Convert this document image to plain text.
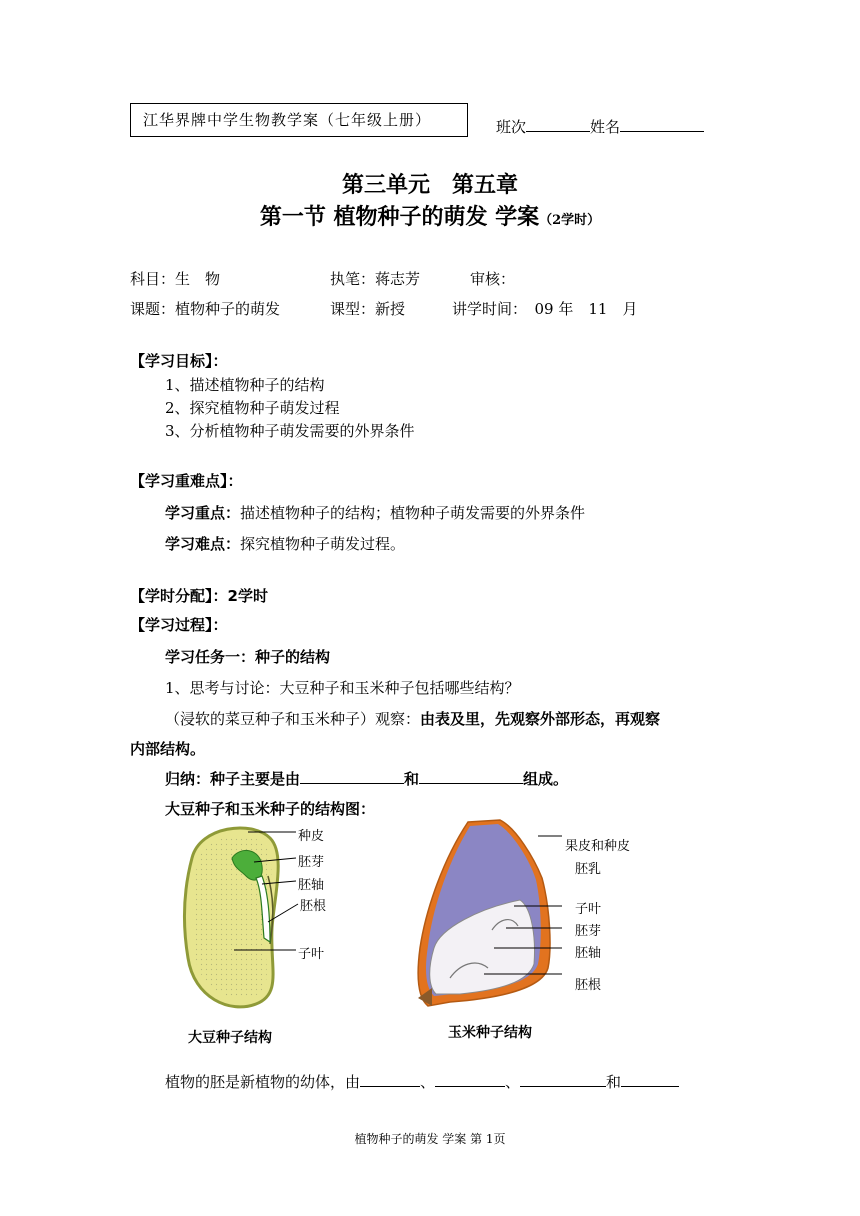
江华界牌中学生物教学案（七年级上册）	班次	姓名
第三单元　第五章
第一节 植物种子的萌发 学案（2学时）
科目：生　物	执笔：蒋志芳	审核：
课题：植物种子的萌发	课型：新授	讲学时间：　09 年　11　月
【学习目标】：
1、描述植物种子的结构
2、探究植物种子萌发过程
3、分析植物种子萌发需要的外界条件
【学习重难点】：
学习重点：描述植物种子的结构；植物种子萌发需要的外界条件
学习难点：探究植物种子萌发过程。
【学时分配】：2学时
【学习过程】：
学习任务一：种子的结构
1、思考与讨论：大豆种子和玉米种子包括哪些结构？
（浸软的菜豆种子和玉米种子）观察：由表及里，先观察外部形态，再观察
内部结构。
归纳：种子主要是由	和	组成。
大豆种子和玉米种子的结构图：
种皮
胚芽
胚轴
胚根
子叶
大豆种子结构
果皮和种皮
胚乳
子叶
胚芽
胚轴
胚根
玉米种子结构
植物的胚是新植物的幼体，由	、	、	和
植物种子的萌发 学案 第 1页
